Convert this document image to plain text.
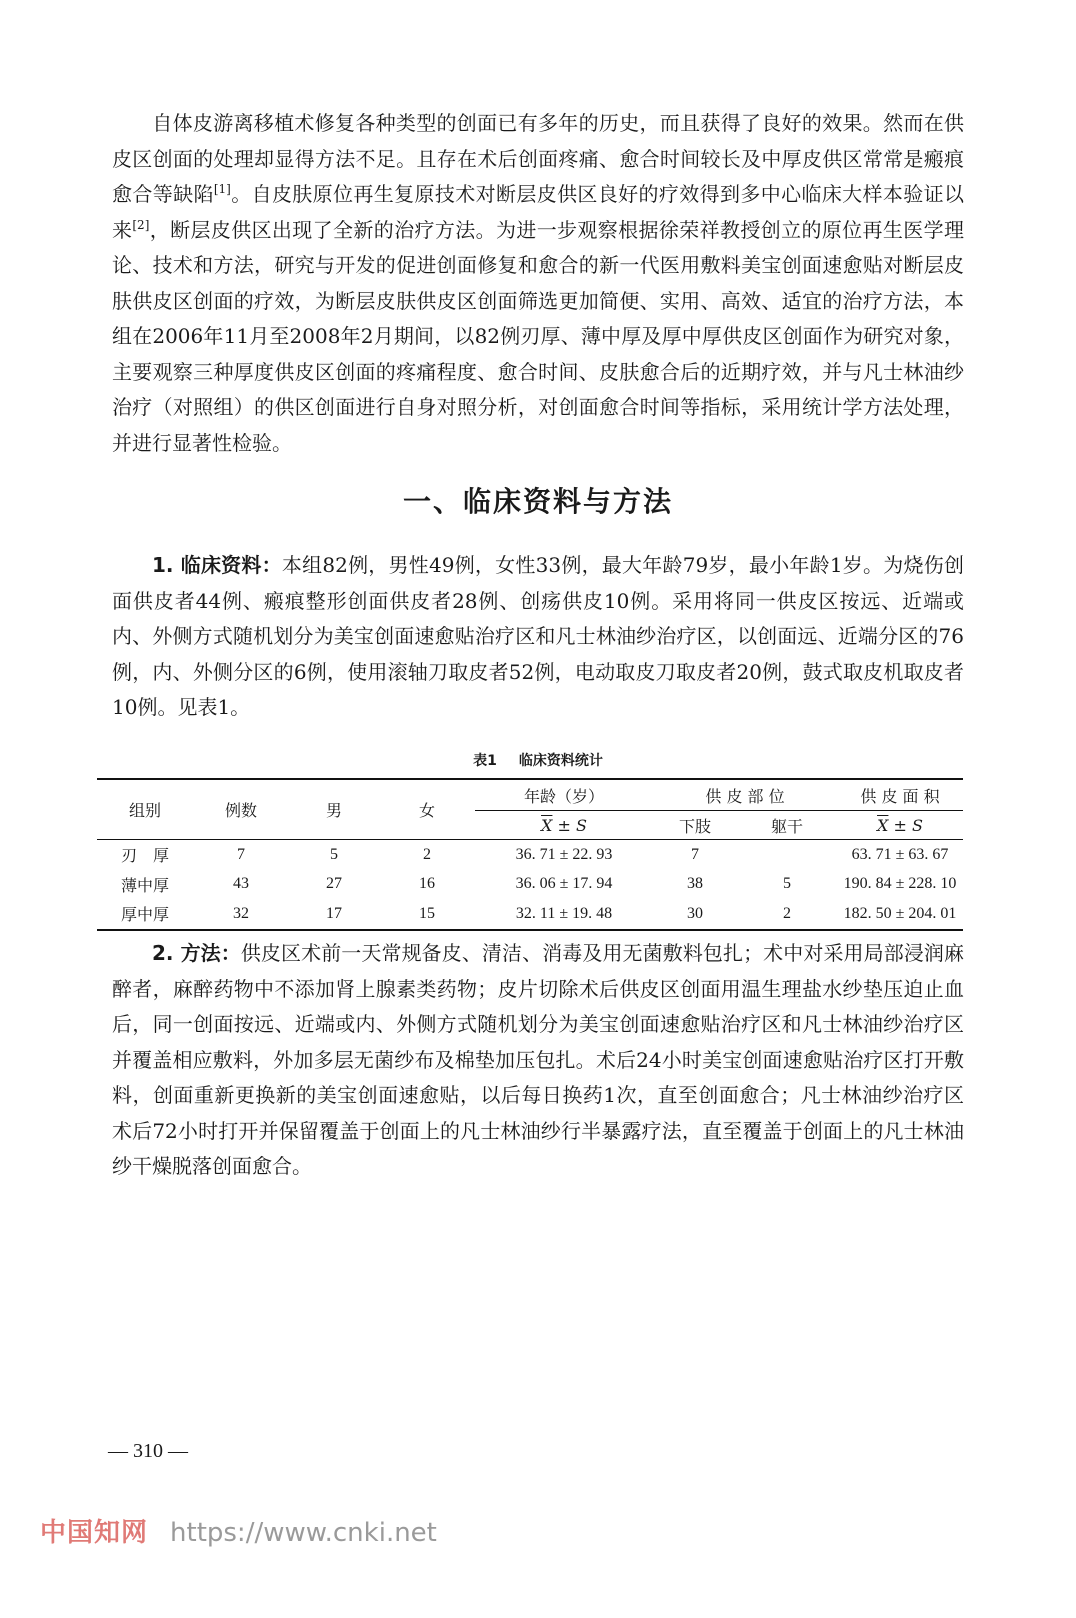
自体皮游离移植术修复各种类型的创面已有多年的历史，而且获得了良好的效果。然而在供皮区创面的处理却显得方法不足。且存在术后创面疼痛、愈合时间较长及中厚皮供区常常是瘢痕愈合等缺陷[1]。自皮肤原位再生复原技术对断层皮供区良好的疗效得到多中心临床大样本验证以来[2]，断层皮供区出现了全新的治疗方法。为进一步观察根据徐荣祥教授创立的原位再生医学理论、技术和方法，研究与开发的促进创面修复和愈合的新一代医用敷料美宝创面速愈贴对断层皮肤供皮区创面的疗效，为断层皮肤供皮区创面筛选更加简便、实用、高效、适宜的治疗方法，本组在2006年11月至2008年2月期间，以82例刃厚、薄中厚及厚中厚供皮区创面作为研究对象，主要观察三种厚度供皮区创面的疼痛程度、愈合时间、皮肤愈合后的近期疗效，并与凡士林油纱治疗（对照组）的供区创面进行自身对照分析，对创面愈合时间等指标，采用统计学方法处理，并进行显著性检验。

一、临床资料与方法

1. 临床资料：本组82例，男性49例，女性33例，最大年龄79岁，最小年龄1岁。为烧伤创面供皮者44例、瘢痕整形创面供皮者28例、创疡供皮10例。采用将同一供皮区按远、近端或内、外侧方式随机划分为美宝创面速愈贴治疗区和凡士林油纱治疗区，以创面远、近端分区的76例，内、外侧分区的6例，使用滚轴刀取皮者52例，电动取皮刀取皮者20例，鼓式取皮机取皮者10例。见表1。

表1 临床资料统计
组别	例数	男	女	年龄（岁）	供 皮 部 位		供 皮 面 积
				$\overline{X} \pm S$	下肢	躯干	$\overline{X} \pm S$
刃　厚	7	5	2	36. 71 ± 22. 93	7		63. 71 ± 63. 67
薄中厚	43	27	16	36. 06 ± 17. 94	38	5	190. 84 ± 228. 10
厚中厚	32	17	15	32. 11 ± 19. 48	30	2	182. 50 ± 204. 01

2. 方法：供皮区术前一天常规备皮、清洁、消毒及用无菌敷料包扎；术中对采用局部浸润麻醉者，麻醉药物中不添加肾上腺素类药物；皮片切除术后供皮区创面用温生理盐水纱垫压迫止血后，同一创面按远、近端或内、外侧方式随机划分为美宝创面速愈贴治疗区和凡士林油纱治疗区并覆盖相应敷料，外加多层无菌纱布及棉垫加压包扎。术后24小时美宝创面速愈贴治疗区打开敷料，创面重新更换新的美宝创面速愈贴，以后每日换药1次，直至创面愈合；凡士林油纱治疗区术后72小时打开并保留覆盖于创面上的凡士林油纱行半暴露疗法，直至覆盖于创面上的凡士林油纱干燥脱落创面愈合。

— 310 —
中国知网 https://www.cnki.net
